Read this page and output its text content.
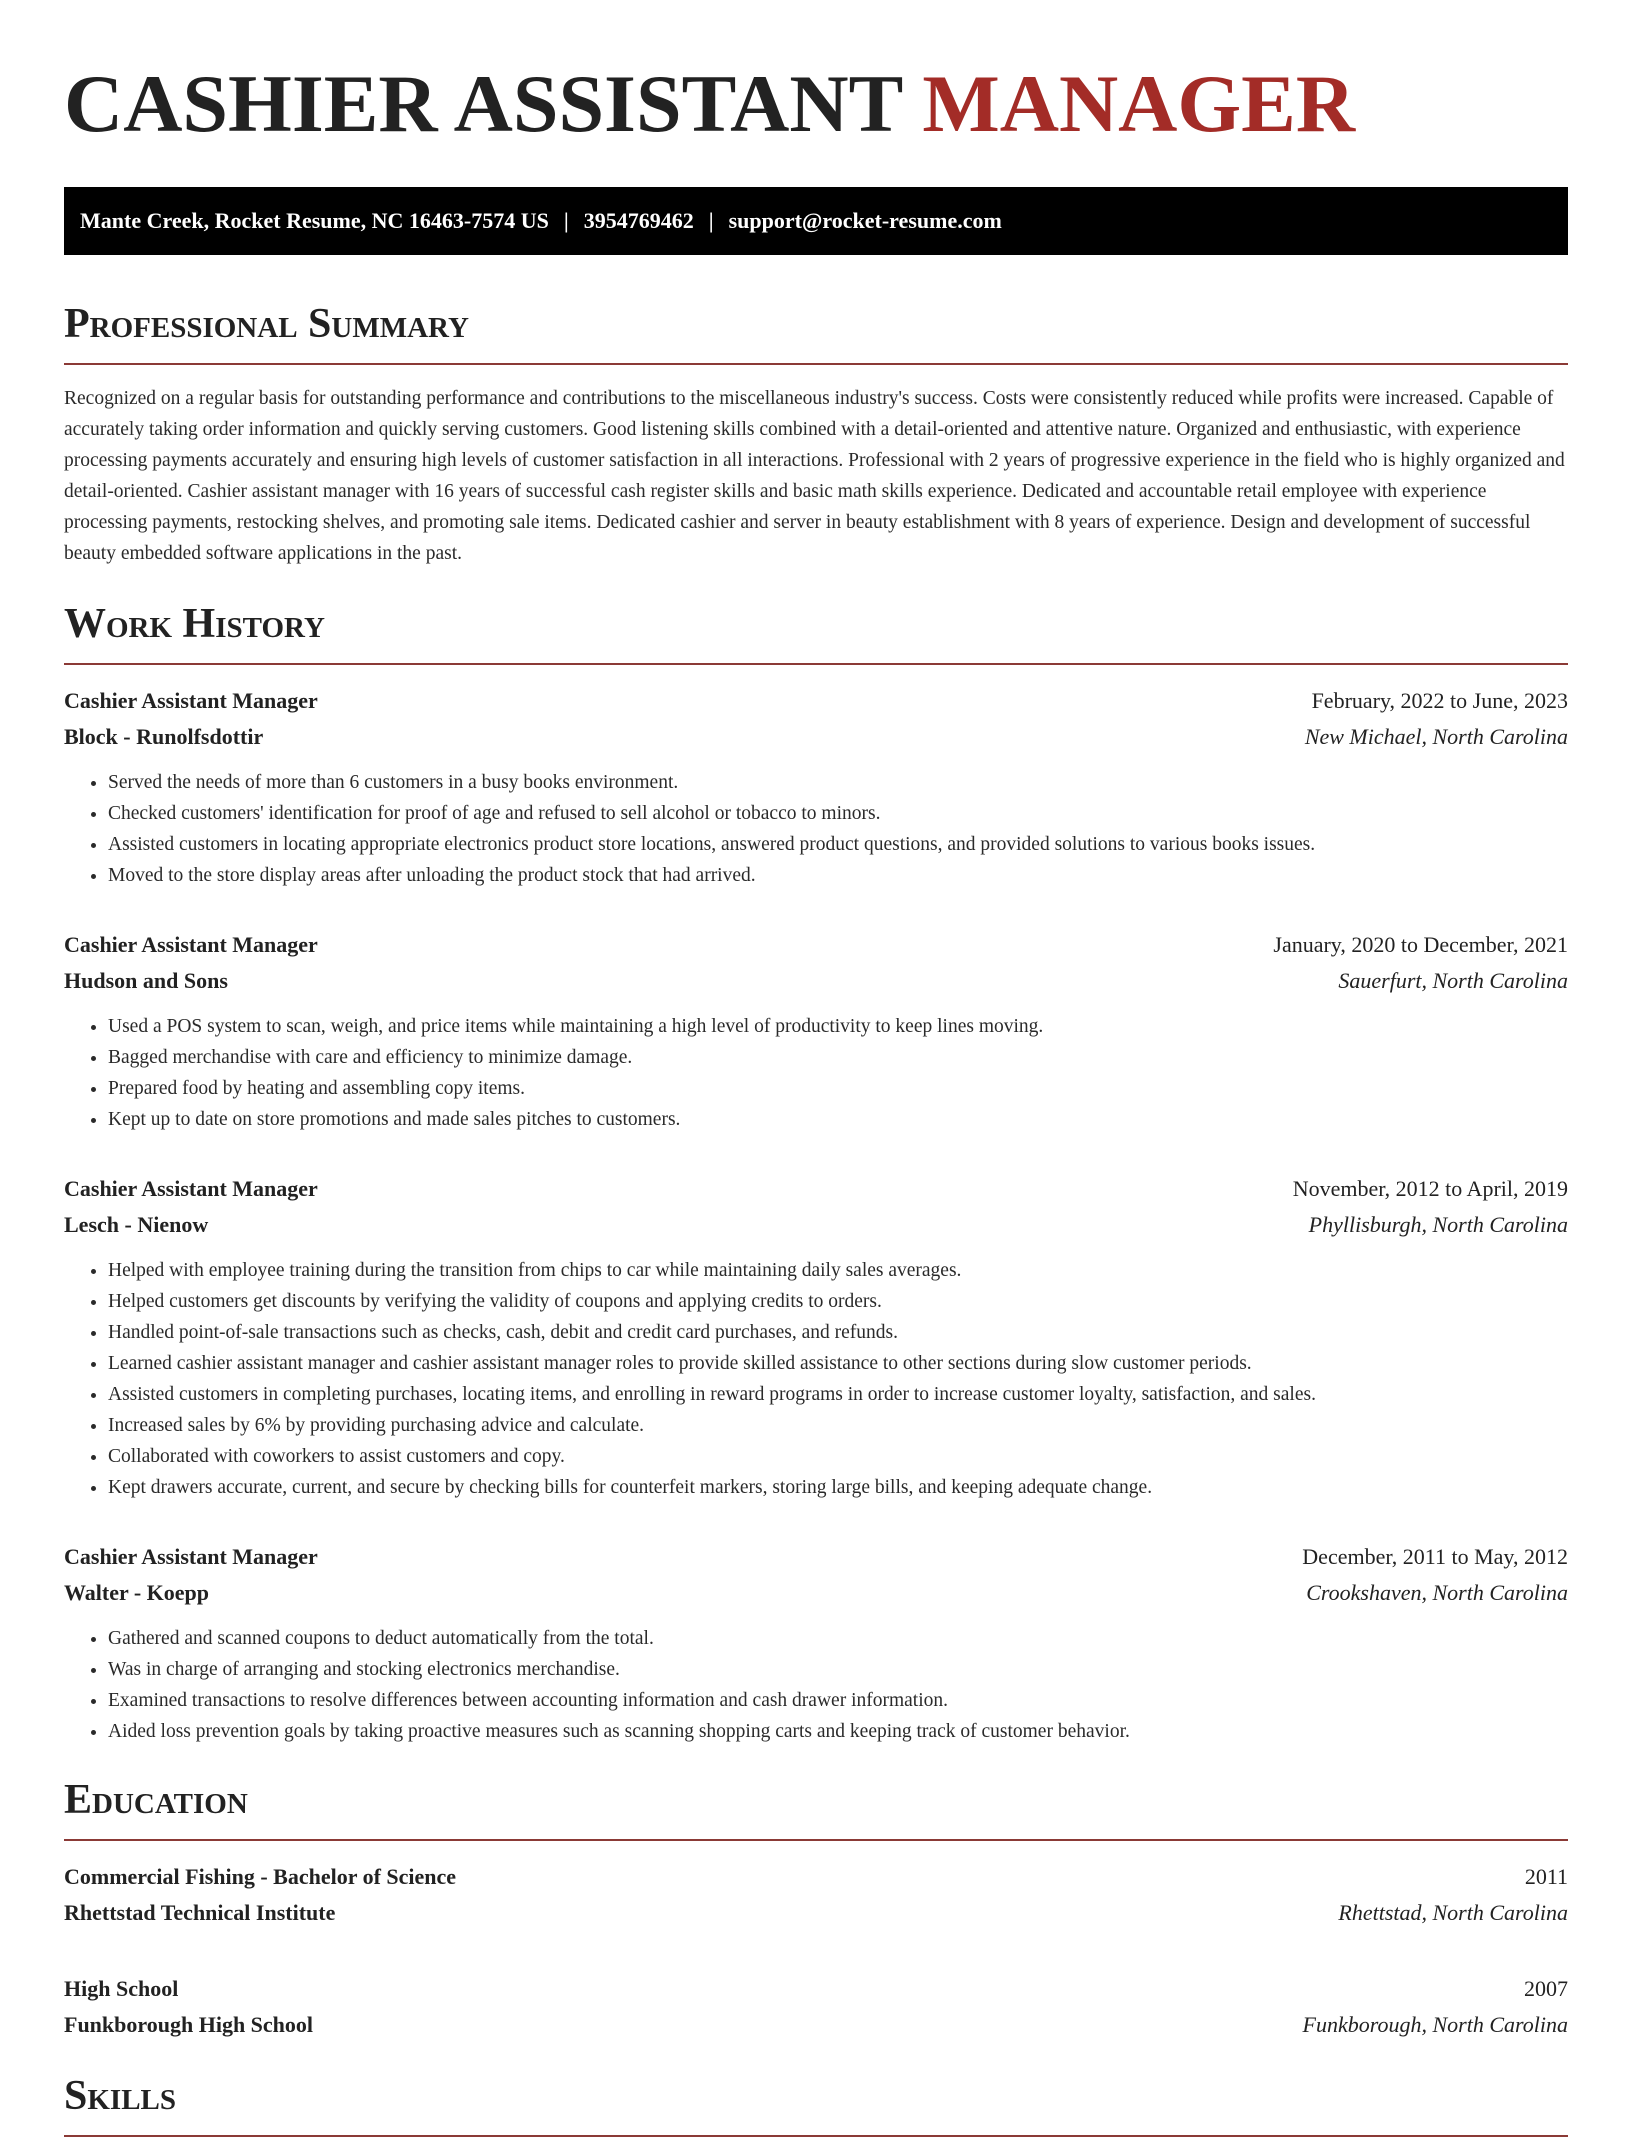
CASHIER ASSISTANT MANAGER
Mante Creek, Rocket Resume, NC 16463-7574 US | 3954769462 | support@rocket-resume.com
Professional Summary

Recognized on a regular basis for outstanding performance and contributions to the miscellaneous industry's success. Costs were consistently reduced while profits were increased. Capable of accurately taking order information and quickly serving customers. Good listening skills combined with a detail-oriented and attentive nature. Organized and enthusiastic, with experience processing payments accurately and ensuring high levels of customer satisfaction in all interactions. Professional with 2 years of progressive experience in the field who is highly organized and detail-oriented. Cashier assistant manager with 16 years of successful cash register skills and basic math skills experience. Dedicated and accountable retail employee with experience processing payments, restocking shelves, and promoting sale items. Dedicated cashier and server in beauty establishment with 8 years of experience. Design and development of successful beauty embedded software applications in the past.

Work History
Cashier Assistant Manager	February, 2022 to June, 2023
Block - Runolfsdottir	New Michael, North Carolina
• Served the needs of more than 6 customers in a busy books environment.
• Checked customers' identification for proof of age and refused to sell alcohol or tobacco to minors.
• Assisted customers in locating appropriate electronics product store locations, answered product questions, and provided solutions to various books issues.
• Moved to the store display areas after unloading the product stock that had arrived.
Cashier Assistant Manager	January, 2020 to December, 2021
Hudson and Sons	Sauerfurt, North Carolina
• Used a POS system to scan, weigh, and price items while maintaining a high level of productivity to keep lines moving.
• Bagged merchandise with care and efficiency to minimize damage.
• Prepared food by heating and assembling copy items.
• Kept up to date on store promotions and made sales pitches to customers.
Cashier Assistant Manager	November, 2012 to April, 2019
Lesch - Nienow	Phyllisburgh, North Carolina
• Helped with employee training during the transition from chips to car while maintaining daily sales averages.
• Helped customers get discounts by verifying the validity of coupons and applying credits to orders.
• Handled point-of-sale transactions such as checks, cash, debit and credit card purchases, and refunds.
• Learned cashier assistant manager and cashier assistant manager roles to provide skilled assistance to other sections during slow customer periods.
• Assisted customers in completing purchases, locating items, and enrolling in reward programs in order to increase customer loyalty, satisfaction, and sales.
• Increased sales by 6% by providing purchasing advice and calculate.
• Collaborated with coworkers to assist customers and copy.
• Kept drawers accurate, current, and secure by checking bills for counterfeit markers, storing large bills, and keeping adequate change.
Cashier Assistant Manager	December, 2011 to May, 2012
Walter - Koepp	Crookshaven, North Carolina
• Gathered and scanned coupons to deduct automatically from the total.
• Was in charge of arranging and stocking electronics merchandise.
• Examined transactions to resolve differences between accounting information and cash drawer information.
• Aided loss prevention goals by taking proactive measures such as scanning shopping carts and keeping track of customer behavior.
Education
Commercial Fishing - Bachelor of Science	2011
Rhettstad Technical Institute	Rhettstad, North Carolina
High School	2007
Funkborough High School	Funkborough, North Carolina
Skills
